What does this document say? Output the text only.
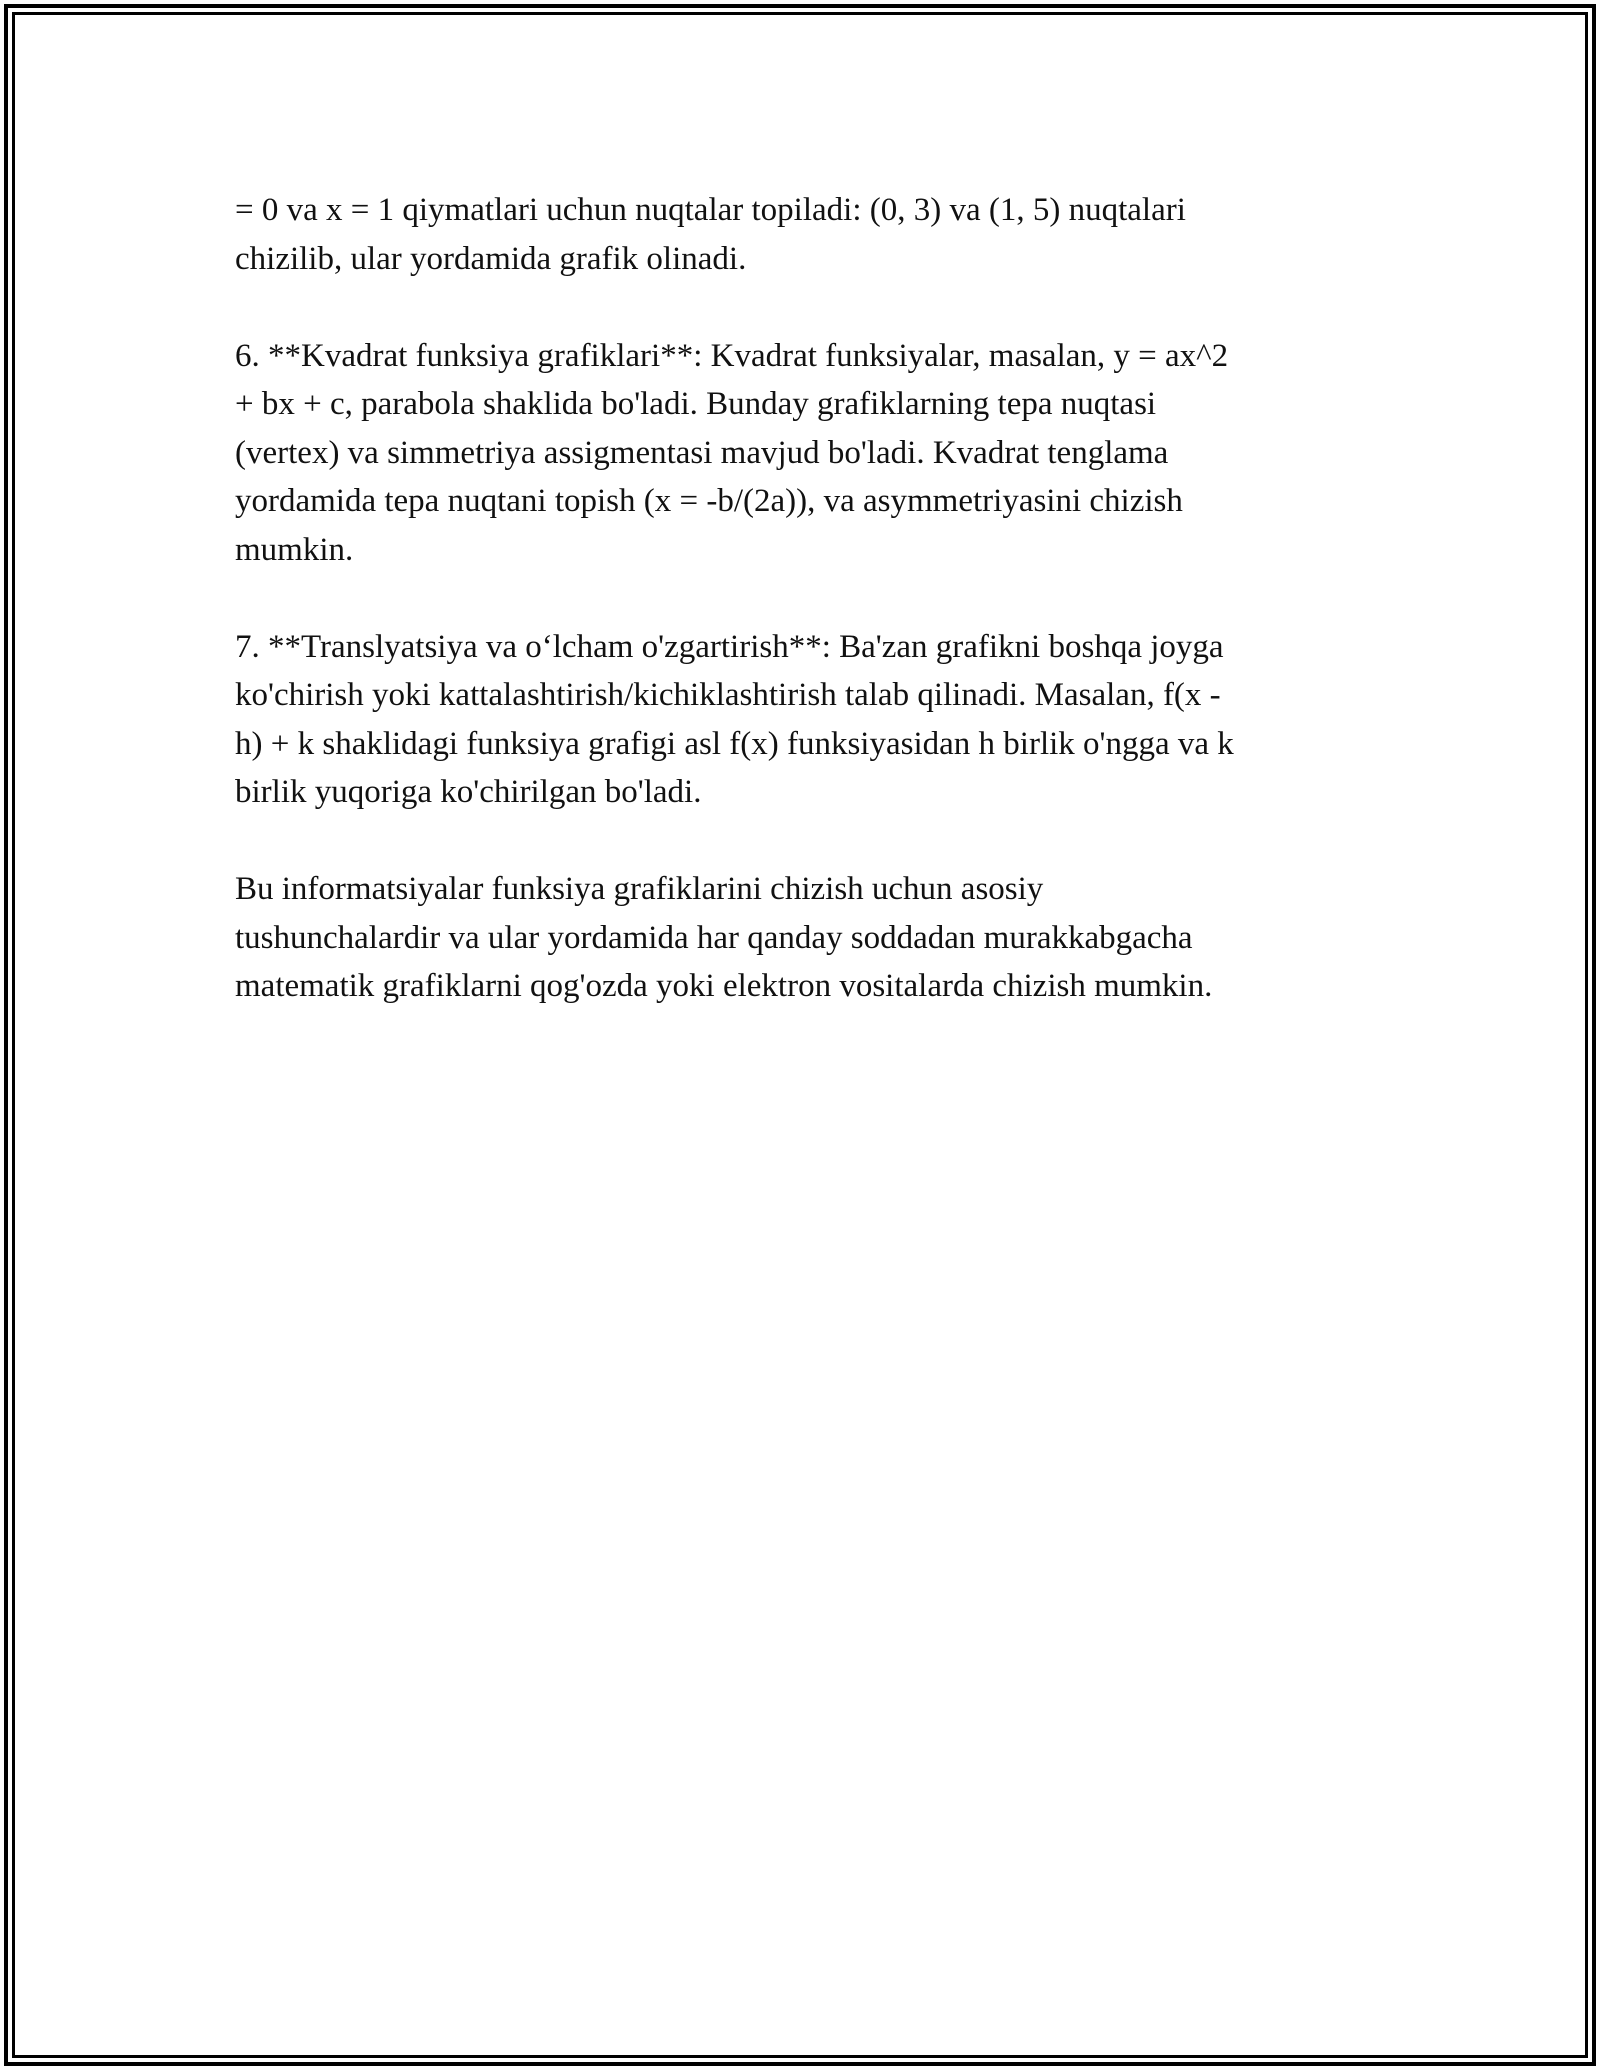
= 0 va x = 1 qiymatlari uchun nuqtalar topiladi: (0, 3) va (1, 5) nuqtalari
chizilib, ular yordamida grafik olinadi.

6. **Kvadrat funksiya grafiklari**: Kvadrat funksiyalar, masalan, y = ax^2
+ bx + c, parabola shaklida bo'ladi. Bunday grafiklarning tepa nuqtasi
(vertex) va simmetriya assigmentasi mavjud bo'ladi. Kvadrat tenglama
yordamida tepa nuqtani topish (x = -b/(2a)), va asymmetriyasini chizish
mumkin.

7. **Translyatsiya va o‘lcham o'zgartirish**: Ba'zan grafikni boshqa joyga
ko'chirish yoki kattalashtirish/kichiklashtirish talab qilinadi. Masalan, f(x -
h) + k shaklidagi funksiya grafigi asl f(x) funksiyasidan h birlik o'ngga va k
birlik yuqoriga ko'chirilgan bo'ladi.

Bu informatsiyalar funksiya grafiklarini chizish uchun asosiy
tushunchalardir va ular yordamida har qanday soddadan murakkabgacha
matematik grafiklarni qog'ozda yoki elektron vositalarda chizish mumkin.
